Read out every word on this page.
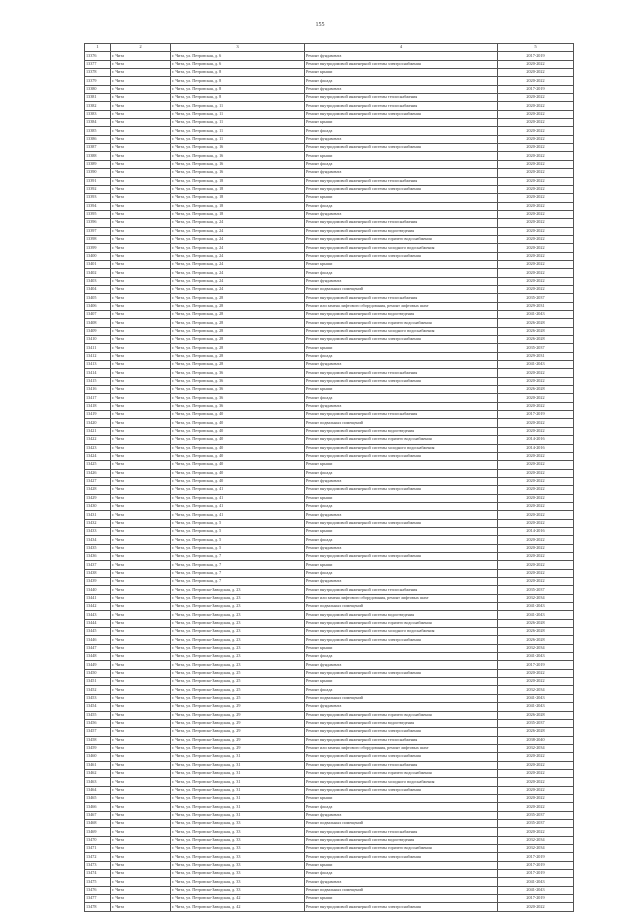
155
1	2	3	4	5
13376	г. Чита	г. Чита, ул. Петровская, д. 6	Ремонт фундамента	2017-2019
13377	г. Чита	г. Чита, ул. Петровская, д. 6	Ремонт внутридомовой инженерной системы электроснабжения	2020-2022
13378	г. Чита	г. Чита, ул. Петровская, д. 8	Ремонт крыши	2020-2022
13379	г. Чита	г. Чита, ул. Петровская, д. 8	Ремонт фасада	2020-2022
13380	г. Чита	г. Чита, ул. Петровская, д. 8	Ремонт фундамента	2017-2019
13381	г. Чита	г. Чита, ул. Петровская, д. 8	Ремонт внутридомовой инженерной системы теплоснабжения	2020-2022
13382	г. Чита	г. Чита, ул. Петровская, д. 11	Ремонт внутридомовой инженерной системы теплоснабжения	2020-2022
13383	г. Чита	г. Чита, ул. Петровская, д. 11	Ремонт внутридомовой инженерной системы электроснабжения	2020-2022
13384	г. Чита	г. Чита, ул. Петровская, д. 11	Ремонт крыши	2020-2022
13385	г. Чита	г. Чита, ул. Петровская, д. 11	Ремонт фасада	2020-2022
13386	г. Чита	г. Чита, ул. Петровская, д. 11	Ремонт фундамента	2020-2022
13387	г. Чита	г. Чита, ул. Петровская, д. 16	Ремонт внутридомовой инженерной системы электроснабжения	2020-2022
13388	г. Чита	г. Чита, ул. Петровская, д. 16	Ремонт крыши	2020-2022
13389	г. Чита	г. Чита, ул. Петровская, д. 16	Ремонт фасада	2020-2022
13390	г. Чита	г. Чита, ул. Петровская, д. 16	Ремонт фундамента	2020-2022
13391	г. Чита	г. Чита, ул. Петровская, д. 18	Ремонт внутридомовой инженерной системы теплоснабжения	2020-2022
13392	г. Чита	г. Чита, ул. Петровская, д. 18	Ремонт внутридомовой инженерной системы электроснабжения	2020-2022
13393	г. Чита	г. Чита, ул. Петровская, д. 18	Ремонт крыши	2020-2022
13394	г. Чита	г. Чита, ул. Петровская, д. 18	Ремонт фасада	2020-2022
13395	г. Чита	г. Чита, ул. Петровская, д. 18	Ремонт фундамента	2020-2022
13396	г. Чита	г. Чита, ул. Петровская, д. 24	Ремонт внутридомовой инженерной системы теплоснабжения	2020-2022
13397	г. Чита	г. Чита, ул. Петровская, д. 24	Ремонт внутридомовой инженерной системы водоотведения	2020-2022
13398	г. Чита	г. Чита, ул. Петровская, д. 24	Ремонт внутридомовой инженерной системы горячего водоснабжения	2020-2022
13399	г. Чита	г. Чита, ул. Петровская, д. 24	Ремонт внутридомовой инженерной системы холодного водоснабжения	2020-2022
13400	г. Чита	г. Чита, ул. Петровская, д. 24	Ремонт внутридомовой инженерной системы электроснабжения	2020-2022
13401	г. Чита	г. Чита, ул. Петровская, д. 24	Ремонт крыши	2020-2022
13402	г. Чита	г. Чита, ул. Петровская, д. 24	Ремонт фасада	2020-2022
13403	г. Чита	г. Чита, ул. Петровская, д. 24	Ремонт фундамента	2020-2022
13404	г. Чита	г. Чита, ул. Петровская, д. 24	Ремонт подвальных помещений	2020-2022
13405	г. Чита	г. Чита, ул. Петровская, д. 28	Ремонт внутридомовой инженерной системы теплоснабжения	2035-2037
13406	г. Чита	г. Чита, ул. Петровская, д. 28	Ремонт или замена лифтового оборудования, ремонт лифтовых шахт	2029-2031
13407	г. Чита	г. Чита, ул. Петровская, д. 28	Ремонт внутридомовой инженерной системы водоотведения	2041-2043
13408	г. Чита	г. Чита, ул. Петровская, д. 28	Ремонт внутридомовой инженерной системы горячего водоснабжения	2026-2028
13409	г. Чита	г. Чита, ул. Петровская, д. 28	Ремонт внутридомовой инженерной системы холодного водоснабжения	2026-2028
13410	г. Чита	г. Чита, ул. Петровская, д. 28	Ремонт внутридомовой инженерной системы электроснабжения	2026-2028
13411	г. Чита	г. Чита, ул. Петровская, д. 28	Ремонт крыши	2035-2037
13412	г. Чита	г. Чита, ул. Петровская, д. 28	Ремонт фасада	2029-2031
13413	г. Чита	г. Чита, ул. Петровская, д. 28	Ремонт фундамента	2041-2043
13414	г. Чита	г. Чита, ул. Петровская, д. 36	Ремонт внутридомовой инженерной системы теплоснабжения	2020-2022
13415	г. Чита	г. Чита, ул. Петровская, д. 36	Ремонт внутридомовой инженерной системы электроснабжения	2020-2022
13416	г. Чита	г. Чита, ул. Петровская, д. 36	Ремонт крыши	2026-2028
13417	г. Чита	г. Чита, ул. Петровская, д. 36	Ремонт фасада	2020-2022
13418	г. Чита	г. Чита, ул. Петровская, д. 36	Ремонт фундамента	2020-2022
13419	г. Чита	г. Чита, ул. Петровская, д. 40	Ремонт внутридомовой инженерной системы теплоснабжения	2017-2019
13420	г. Чита	г. Чита, ул. Петровская, д. 40	Ремонт подвальных помещений	2020-2022
13421	г. Чита	г. Чита, ул. Петровская, д. 40	Ремонт внутридомовой инженерной системы водоотведения	2020-2022
13422	г. Чита	г. Чита, ул. Петровская, д. 40	Ремонт внутридомовой инженерной системы горячего водоснабжения	2014-2016
13423	г. Чита	г. Чита, ул. Петровская, д. 40	Ремонт внутридомовой инженерной системы холодного водоснабжения	2014-2016
13424	г. Чита	г. Чита, ул. Петровская, д. 40	Ремонт внутридомовой инженерной системы электроснабжения	2020-2022
13425	г. Чита	г. Чита, ул. Петровская, д. 40	Ремонт крыши	2020-2022
13426	г. Чита	г. Чита, ул. Петровская, д. 40	Ремонт фасада	2020-2022
13427	г. Чита	г. Чита, ул. Петровская, д. 40	Ремонт фундамента	2020-2022
13428	г. Чита	г. Чита, ул. Петровская, д. 41	Ремонт внутридомовой инженерной системы электроснабжения	2020-2022
13429	г. Чита	г. Чита, ул. Петровская, д. 41	Ремонт крыши	2020-2022
13430	г. Чита	г. Чита, ул. Петровская, д. 41	Ремонт фасада	2020-2022
13431	г. Чита	г. Чита, ул. Петровская, д. 41	Ремонт фундамента	2020-2022
13432	г. Чита	г. Чита, ул. Петровская, д. 5	Ремонт внутридомовой инженерной системы электроснабжения	2020-2022
13433	г. Чита	г. Чита, ул. Петровская, д. 5	Ремонт крыши	2014-2016
13434	г. Чита	г. Чита, ул. Петровская, д. 5	Ремонт фасада	2020-2022
13435	г. Чита	г. Чита, ул. Петровская, д. 5	Ремонт фундамента	2020-2022
13436	г. Чита	г. Чита, ул. Петровская, д. 7	Ремонт внутридомовой инженерной системы электроснабжения	2020-2022
13437	г. Чита	г. Чита, ул. Петровская, д. 7	Ремонт крыши	2020-2022
13438	г. Чита	г. Чита, ул. Петровская, д. 7	Ремонт фасада	2020-2022
13439	г. Чита	г. Чита, ул. Петровская, д. 7	Ремонт фундамента	2020-2022
13440	г. Чита	г. Чита, ул. Петровско-Заводская, д. 23	Ремонт внутридомовой инженерной системы теплоснабжения	2035-2037
13441	г. Чита	г. Чита, ул. Петровско-Заводская, д. 23	Ремонт или замена лифтового оборудования, ремонт лифтовых шахт	2032-2034
13442	г. Чита	г. Чита, ул. Петровско-Заводская, д. 23	Ремонт подвальных помещений	2041-2043
13443	г. Чита	г. Чита, ул. Петровско-Заводская, д. 23	Ремонт внутридомовой инженерной системы водоотведения	2041-2043
13444	г. Чита	г. Чита, ул. Петровско-Заводская, д. 23	Ремонт внутридомовой инженерной системы горячего водоснабжения	2026-2028
13445	г. Чита	г. Чита, ул. Петровско-Заводская, д. 23	Ремонт внутридомовой инженерной системы холодного водоснабжения	2026-2028
13446	г. Чита	г. Чита, ул. Петровско-Заводская, д. 23	Ремонт внутридомовой инженерной системы электроснабжения	2026-2028
13447	г. Чита	г. Чита, ул. Петровско-Заводская, д. 23	Ремонт крыши	2032-2034
13448	г. Чита	г. Чита, ул. Петровско-Заводская, д. 23	Ремонт фасада	2041-2043
13449	г. Чита	г. Чита, ул. Петровско-Заводская, д. 23	Ремонт фундамента	2017-2019
13450	г. Чита	г. Чита, ул. Петровско-Заводская, д. 25	Ремонт внутридомовой инженерной системы электроснабжения	2020-2022
13451	г. Чита	г. Чита, ул. Петровско-Заводская, д. 25	Ремонт крыши	2020-2022
13452	г. Чита	г. Чита, ул. Петровско-Заводская, д. 25	Ремонт фасада	2032-2034
13453	г. Чита	г. Чита, ул. Петровско-Заводская, д. 25	Ремонт подвальных помещений	2041-2043
13454	г. Чита	г. Чита, ул. Петровско-Заводская, д. 29	Ремонт фундамента	2041-2043
13455	г. Чита	г. Чита, ул. Петровско-Заводская, д. 29	Ремонт внутридомовой инженерной системы горячего водоснабжения	2026-2028
13456	г. Чита	г. Чита, ул. Петровско-Заводская, д. 29	Ремонт внутридомовой инженерной системы водоотведения	2035-2037
13457	г. Чита	г. Чита, ул. Петровско-Заводская, д. 29	Ремонт внутридомовой инженерной системы электроснабжения	2026-2028
13458	г. Чита	г. Чита, ул. Петровско-Заводская, д. 29	Ремонт внутридомовой инженерной системы теплоснабжения	2038-2040
13459	г. Чита	г. Чита, ул. Петровско-Заводская, д. 29	Ремонт или замена лифтового оборудования, ремонт лифтовых шахт	2032-2034
13460	г. Чита	г. Чита, ул. Петровско-Заводская, д. 31	Ремонт внутридомовой инженерной системы электроснабжения	2020-2022
13461	г. Чита	г. Чита, ул. Петровско-Заводская, д. 31	Ремонт внутридомовой инженерной системы теплоснабжения	2020-2022
13462	г. Чита	г. Чита, ул. Петровско-Заводская, д. 31	Ремонт внутридомовой инженерной системы горячего водоснабжения	2020-2022
13463	г. Чита	г. Чита, ул. Петровско-Заводская, д. 31	Ремонт внутридомовой инженерной системы холодного водоснабжения	2020-2022
13464	г. Чита	г. Чита, ул. Петровско-Заводская, д. 31	Ремонт внутридомовой инженерной системы электроснабжения	2020-2022
13465	г. Чита	г. Чита, ул. Петровско-Заводская, д. 31	Ремонт крыши	2020-2022
13466	г. Чита	г. Чита, ул. Петровско-Заводская, д. 31	Ремонт фасада	2020-2022
13467	г. Чита	г. Чита, ул. Петровско-Заводская, д. 31	Ремонт фундамента	2035-2037
13468	г. Чита	г. Чита, ул. Петровско-Заводская, д. 33	Ремонт подвальных помещений	2035-2037
13469	г. Чита	г. Чита, ул. Петровско-Заводская, д. 33	Ремонт внутридомовой инженерной системы теплоснабжения	2020-2022
13470	г. Чита	г. Чита, ул. Петровско-Заводская, д. 33	Ремонт внутридомовой инженерной системы водоотведения	2032-2034
13471	г. Чита	г. Чита, ул. Петровско-Заводская, д. 33	Ремонт внутридомовой инженерной системы горячего водоснабжения	2032-2034
13472	г. Чита	г. Чита, ул. Петровско-Заводская, д. 33	Ремонт внутридомовой инженерной системы электроснабжения	2017-2019
13473	г. Чита	г. Чита, ул. Петровско-Заводская, д. 33	Ремонт крыши	2017-2019
13474	г. Чита	г. Чита, ул. Петровско-Заводская, д. 33	Ремонт фасада	2017-2019
13475	г. Чита	г. Чита, ул. Петровско-Заводская, д. 33	Ремонт фундамента	2041-2043
13476	г. Чита	г. Чита, ул. Петровско-Заводская, д. 33	Ремонт подвальных помещений	2041-2043
13477	г. Чита	г. Чита, ул. Петровско-Заводская, д. 42	Ремонт крыши	2017-2019
13478	г. Чита	г. Чита, ул. Петровско-Заводская, д. 42	Ремонт внутридомовой инженерной системы электроснабжения	2020-2022
